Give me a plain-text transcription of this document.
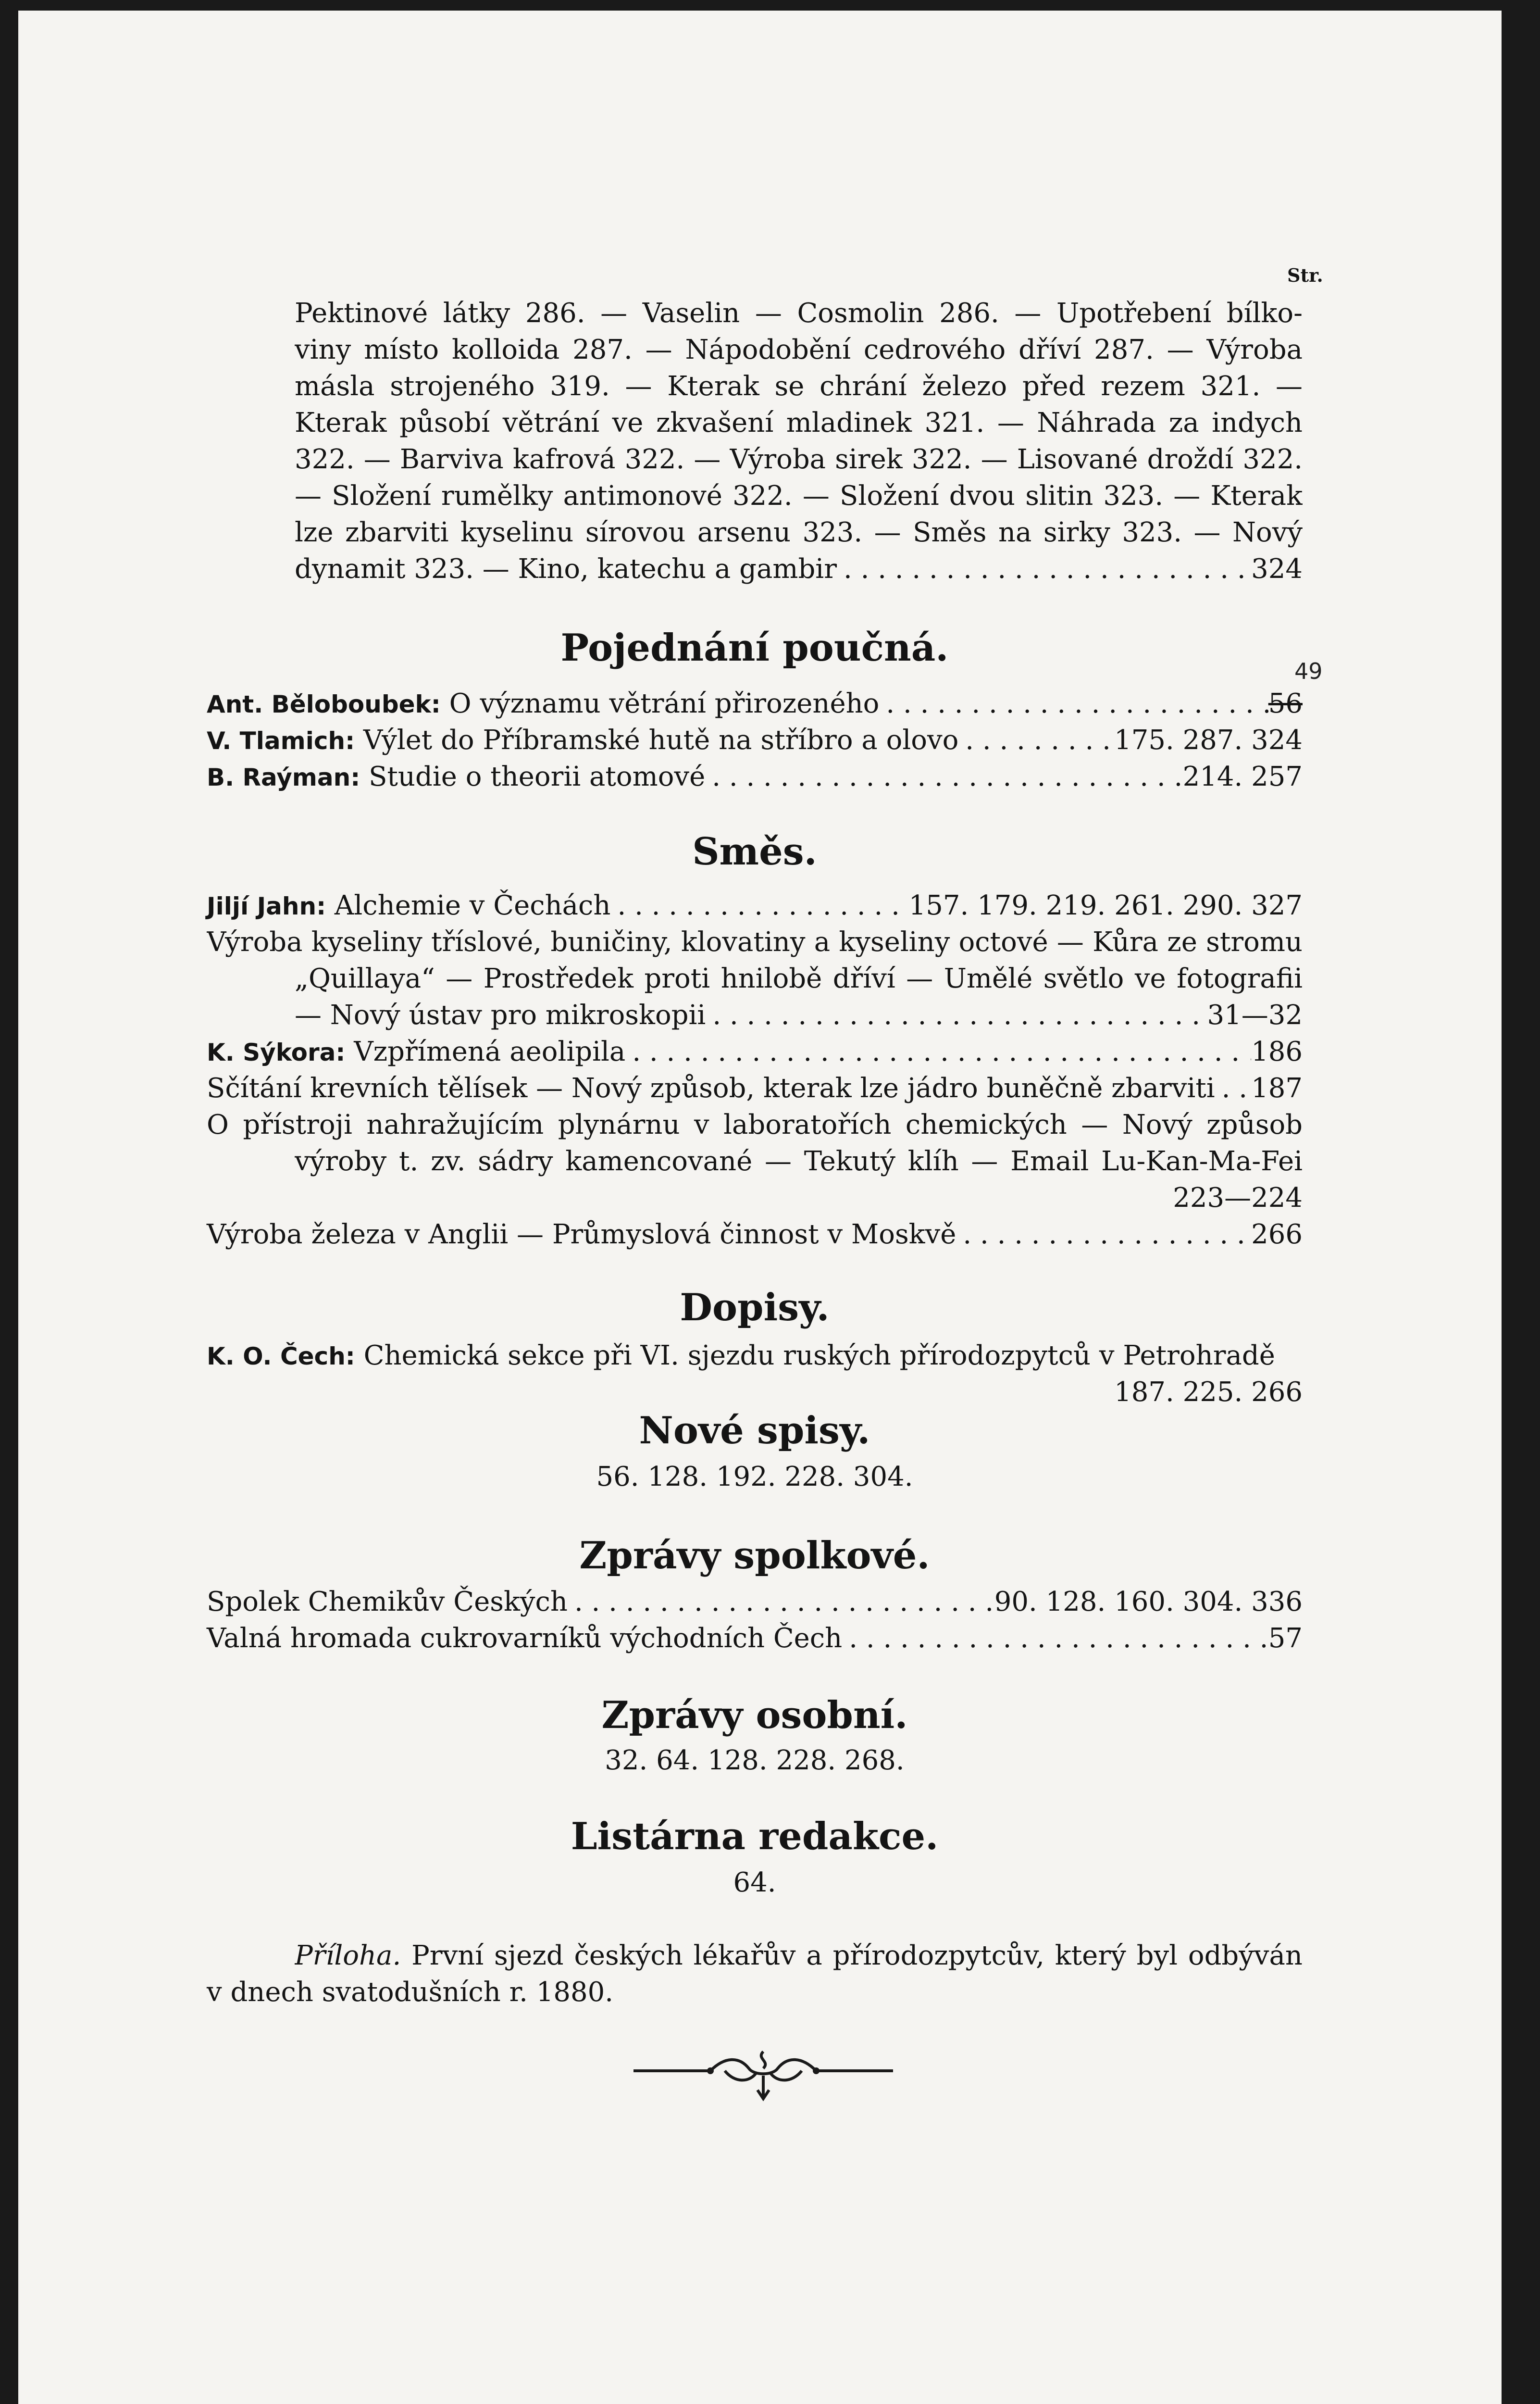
Str.
Pektinové látky 286. — Vaselin — Cosmolin 286. — Upotřebení bílko-
viny místo kolloida 287. — Nápodobění cedrového dříví 287. — Výroba
másla strojeného 319. — Kterak se chrání železo před rezem 321. —
Kterak působí větrání ve zkvašení mladinek 321. — Náhrada za indych
322. — Barviva kafrová 322. — Výroba sirek 322. — Lisované droždí 322.
— Složení rumělky antimonové 322. — Složení dvou slitin 323. — Kterak
lze zbarviti kyselinu sírovou arsenu 323. — Směs na sirky 323. — Nový
dynamit 323. — Kino, katechu a gambir . . .	324
Pojednání poučná.
Ant. Běloboubek: O významu větrání přirozeného . . .	56
49
V. Tlamich: Výlet do Příbramské hutě na stříbro a olovo . . .	175. 287. 324
B. Raýman: Studie o theorii atomové . . .	214. 257
Směs.
Jiljí Jahn: Alchemie v Čechách . . .	157. 179. 219. 261. 290. 327
Výroba kyseliny tříslové, buničiny, klovatiny a kyseliny octové — Kůra ze stromu
„Quillaya“ — Prostředek proti hnilobě dříví — Umělé světlo ve fotografii
— Nový ústav pro mikroskopii . . .	31—32
K. Sýkora: Vzpřímená aeolipila . . .	186
Sčítání krevních tělísek — Nový způsob, kterak lze jádro buněčně zbarviti . . . 187
O přístroji nahražujícím plynárnu v laboratořích chemických — Nový způsob
výroby t. zv. sádry kamencované — Tekutý klíh — Email Lu-Kan-Ma-Fei
223—224
Výroba železa v Anglii — Průmyslová činnost v Moskvě . . .	266
Dopisy.
K. O. Čech: Chemická sekce při VI. sjezdu ruských přírodozpytců v Petrohradě
187. 225. 266
Nové spisy.
56. 128. 192. 228. 304.
Zprávy spolkové.
Spolek Chemikův Českých . . .	90. 128. 160. 304. 336
Valná hromada cukrovarníků východních Čech . . .	57
Zprávy osobní.
32. 64. 128. 228. 268.
Listárna redakce.
64.
Příloha. První sjezd českých lékařův a přírodozpytcův, který byl odbýván
v dnech svatodušních r. 1880.
